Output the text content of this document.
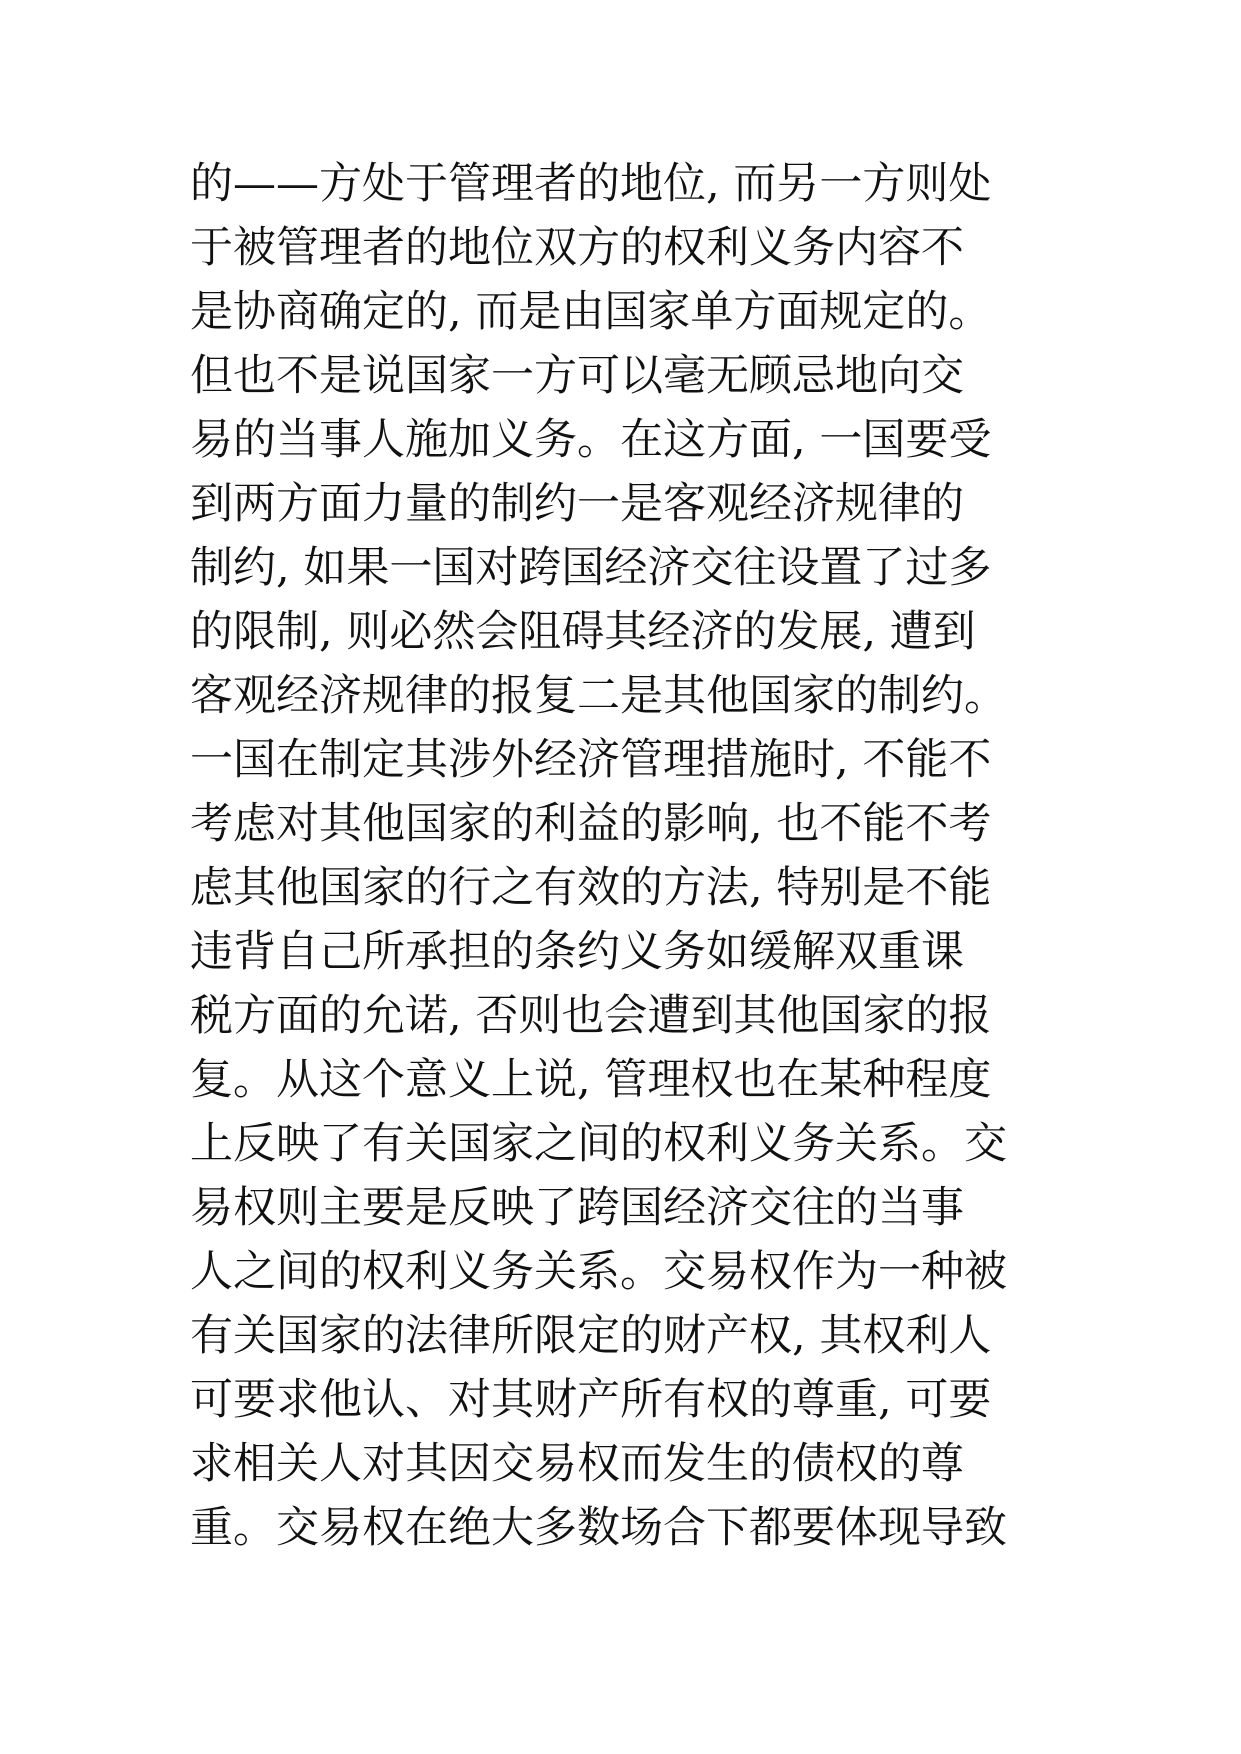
的——方处于管理者的地位, 而另一方则处
于被管理者的地位双方的权利义务内容不
是协商确定的, 而是由国家单方面规定的。
但也不是说国家一方可以毫无顾忌地向交
易的当事人施加义务。在这方面, 一国要受
到两方面力量的制约一是客观经济规律的
制约, 如果一国对跨国经济交往设置了过多
的限制, 则必然会阻碍其经济的发展, 遭到
客观经济规律的报复二是其他国家的制约。
一国在制定其涉外经济管理措施时, 不能不
考虑对其他国家的利益的影响, 也不能不考
虑其他国家的行之有效的方法, 特别是不能
违背自己所承担的条约义务如缓解双重课
税方面的允诺, 否则也会遭到其他国家的报
复。从这个意义上说, 管理权也在某种程度
上反映了有关国家之间的权利义务关系。交
易权则主要是反映了跨国经济交往的当事
人之间的权利义务关系。交易权作为一种被
有关国家的法律所限定的财产权, 其权利人
可要求他认、对其财产所有权的尊重, 可要
求相关人对其因交易权而发生的债权的尊
重。交易权在绝大多数场合下都要体现导致
